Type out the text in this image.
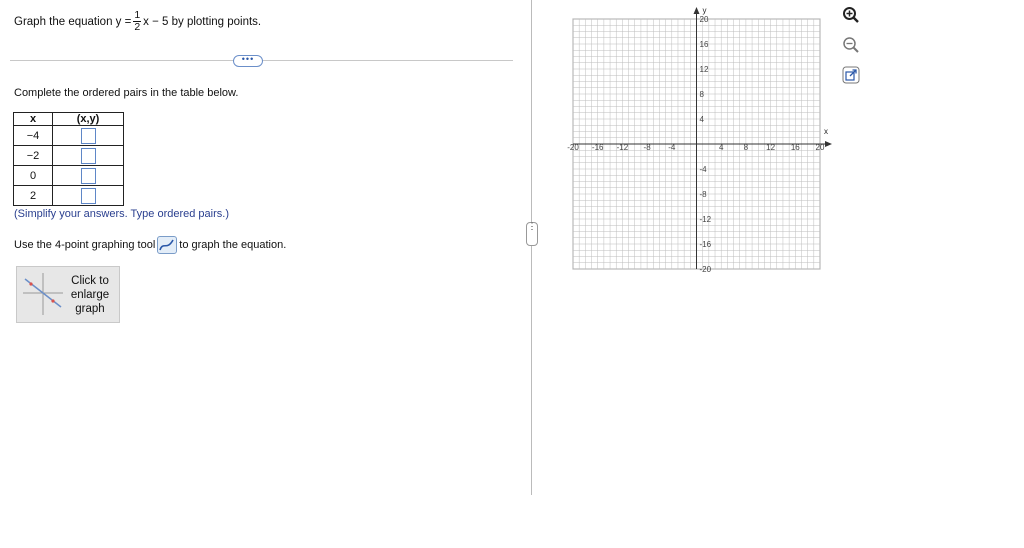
Graph the equation $y = \frac{1}{2}$ x − 5 by plotting points.
•••
Complete the ordered pairs in the table below.
x	(x,y)
−4	
−2	
0	
2	
(Simplify your answers. Type ordered pairs.)
Use the 4-point graphing tool to graph the equation.
Click to enlarge graph
⋮
x
y
-20 -16 -12 -8 -4	4	8 12 16 20
20
16
12
8
4
-4
-8
-12
-16
-20
